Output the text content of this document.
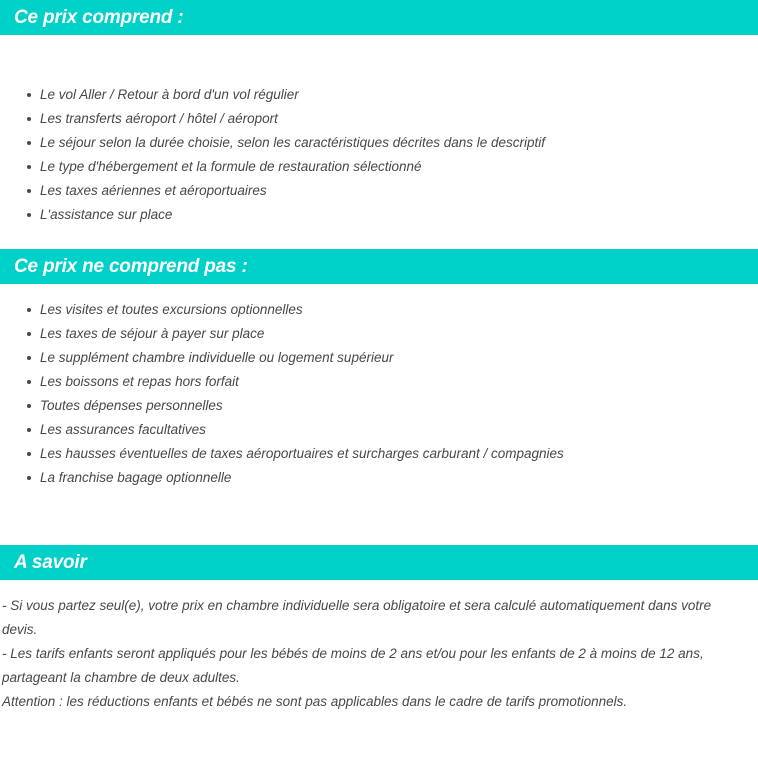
Ce prix comprend :
Le vol Aller / Retour à bord d'un vol régulier
Les transferts aéroport / hôtel / aéroport
Le séjour selon la durée choisie, selon les caractéristiques décrites dans le descriptif
Le type d'hébergement et la formule de restauration sélectionné
Les taxes aériennes et aéroportuaires
L'assistance sur place
Ce prix ne comprend pas :
Les visites et toutes excursions optionnelles
Les taxes de séjour à payer sur place
Le supplément chambre individuelle ou logement supérieur
Les boissons et repas hors forfait
Toutes dépenses personnelles
Les assurances facultatives
Les hausses éventuelles de taxes aéroportuaires et surcharges carburant / compagnies
La franchise bagage optionnelle
A savoir

- Si vous partez seul(e), votre prix en chambre individuelle sera obligatoire et sera calculé automatiquement dans votre devis.

- Les tarifs enfants seront appliqués pour les bébés de moins de 2 ans et/ou pour les enfants de 2 à moins de 12 ans, partageant la chambre de deux adultes.

Attention : les réductions enfants et bébés ne sont pas applicables dans le cadre de tarifs promotionnels.
